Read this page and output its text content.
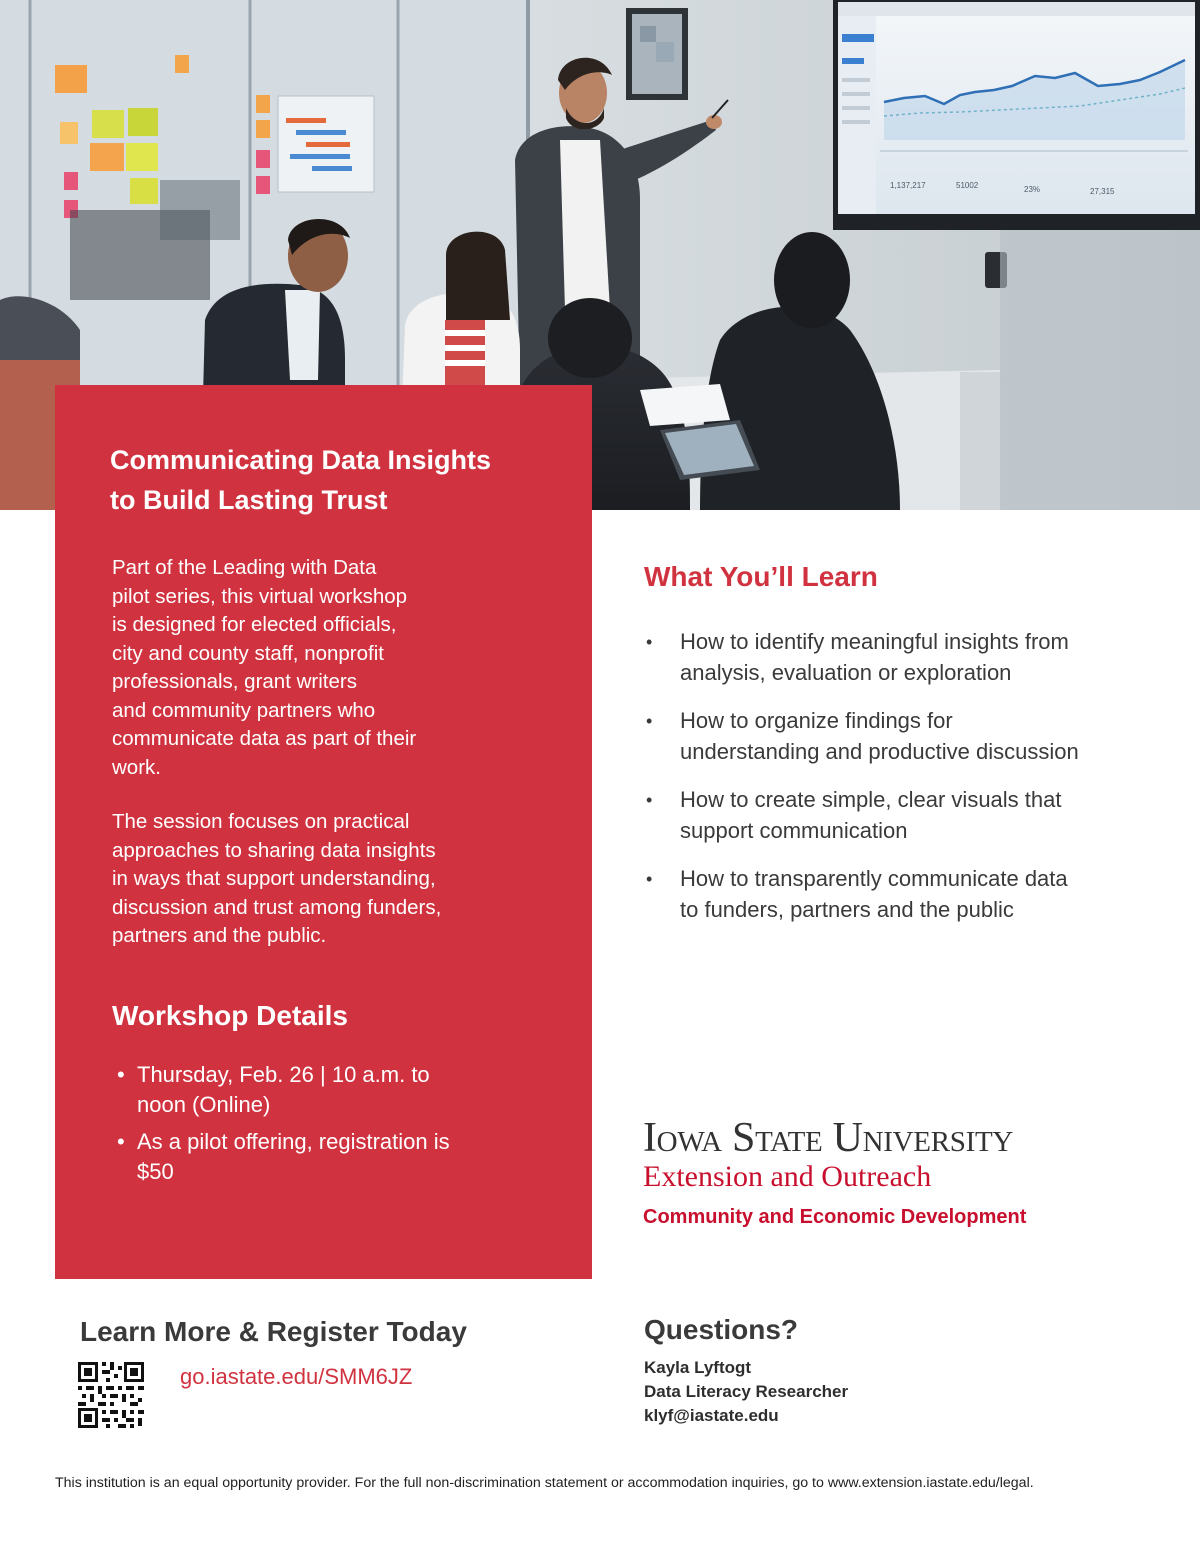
1,137,217	51002	23%	27,315
Communicating Data Insights
to Build Lasting Trust

Part of the Leading with Data
pilot series, this virtual workshop
is designed for elected officials,
city and county staff, nonprofit
professionals, grant writers
and community partners who
communicate data as part of their
work.

The session focuses on practical
approaches to sharing data insights
in ways that support understanding,
discussion and trust among funders,
partners and the public.

Workshop Details
• Thursday, Feb. 26 | 10 a.m. to
noon (Online)
• As a pilot offering, registration is
$50
What You’ll Learn
• How to identify meaningful insights from
analysis, evaluation or exploration
• How to organize findings for
understanding and productive discussion
• How to create simple, clear visuals that
support communication
• How to transparently communicate data
to funders, partners and the public
Iowa State University
Extension and Outreach
Community and Economic Development
Learn More & Register Today
go.iastate.edu/SMM6JZ
Questions?
Kayla Lyftogt
Data Literacy Researcher
klyf@iastate.edu
This institution is an equal opportunity provider. For the full non-discrimination statement or accommodation inquiries, go to www.extension.iastate.edu/legal.
